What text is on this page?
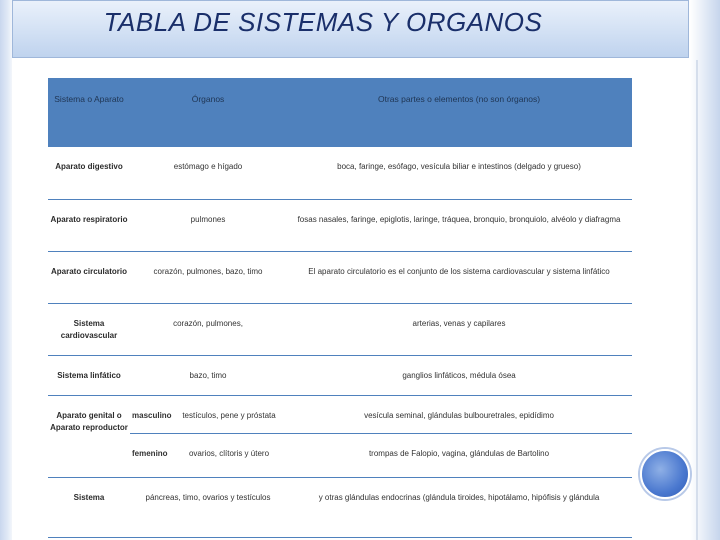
TABLA DE SISTEMAS Y ORGANOS
Sistema o Aparato	Órganos		Otras partes o elementos (no son órganos)
Aparato digestivo	estómago e hígado		boca, faringe, esófago, vesícula biliar e intestinos (delgado y grueso)
Aparato respiratorio	pulmones		fosas nasales, faringe, epiglotis, laringe, tráquea, bronquio, bronquiolo, alvéolo y diafragma
Aparato circulatorio	corazón, pulmones, bazo, timo		El aparato circulatorio es el conjunto de los sistema cardiovascular y sistema linfático
Sistema cardiovascular	corazón, pulmones,		arterias, venas y capilares
Sistema linfático	bazo, timo		ganglios linfáticos, médula ósea
Aparato genital o Aparato reproductor	masculino	testículos, pene y próstata	vesícula seminal, glándulas bulbouretrales, epidídimo
	femenino	ovarios, clítoris y útero	trompas de Falopio, vagina, glándulas de Bartolino
Sistema	páncreas, timo, ovarios y testículos		y otras glándulas endocrinas (glándula tiroides, hipotálamo, hipófisis y glándula
